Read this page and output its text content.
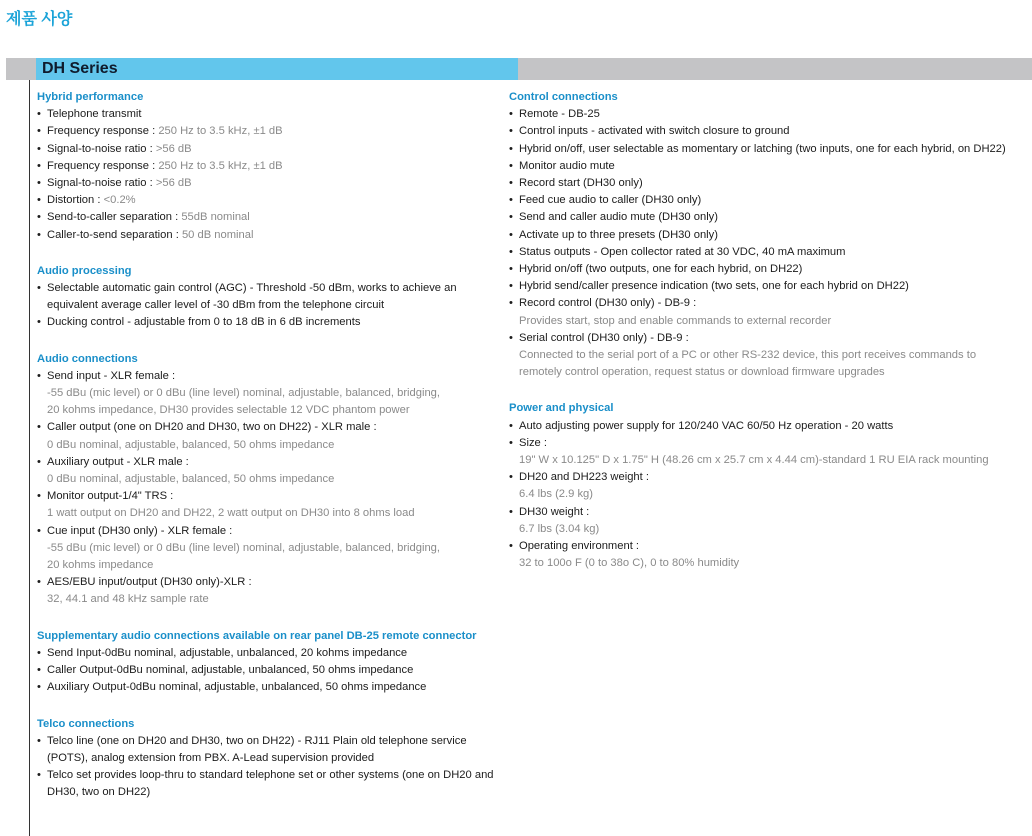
제품 사양
DH Series
Hybrid performance
• Telephone transmit
• Frequency response : 250 Hz to 3.5 kHz, ±1 dB
• Signal-to-noise ratio : >56 dB
• Frequency response : 250 Hz to 3.5 kHz, ±1 dB
• Signal-to-noise ratio : >56 dB
• Distortion : <0.2%
• Send-to-caller separation : 55dB nominal
• Caller-to-send separation : 50 dB nominal
Audio processing
• Selectable automatic gain control (AGC) - Threshold -50 dBm, works to achieve an equivalent average caller level of -30 dBm from the telephone circuit
• Ducking control - adjustable from 0 to 18 dB in 6 dB increments
Audio connections
• Send input - XLR female :
-55 dBu (mic level) or 0 dBu (line level) nominal, adjustable, balanced, bridging,
20 kohms impedance, DH30 provides selectable 12 VDC phantom power
• Caller output (one on DH20 and DH30, two on DH22) - XLR male :
0 dBu nominal, adjustable, balanced, 50 ohms impedance
• Auxiliary output - XLR male :
0 dBu nominal, adjustable, balanced, 50 ohms impedance
• Monitor output-1/4" TRS :
1 watt output on DH20 and DH22, 2 watt output on DH30 into 8 ohms load
• Cue input (DH30 only) - XLR female :
-55 dBu (mic level) or 0 dBu (line level) nominal, adjustable, balanced, bridging,
20 kohms impedance
• AES/EBU input/output (DH30 only)-XLR :
32, 44.1 and 48 kHz sample rate
Supplementary audio connections available on rear panel DB-25 remote connector
• Send Input-0dBu nominal, adjustable, unbalanced, 20 kohms impedance
• Caller Output-0dBu nominal, adjustable, unbalanced, 50 ohms impedance
• Auxiliary Output-0dBu nominal, adjustable, unbalanced, 50 ohms impedance
Telco connections
• Telco line (one on DH20 and DH30, two on DH22) - RJ11 Plain old telephone service (POTS), analog extension from PBX. A-Lead supervision provided
• Telco set provides loop-thru to standard telephone set or other systems (one on DH20 and DH30, two on DH22)
Control connections
• Remote - DB-25
• Control inputs - activated with switch closure to ground
• Hybrid on/off, user selectable as momentary or latching (two inputs, one for each hybrid, on DH22)
• Monitor audio mute
• Record start (DH30 only)
• Feed cue audio to caller (DH30 only)
• Send and caller audio mute (DH30 only)
• Activate up to three presets (DH30 only)
• Status outputs - Open collector rated at 30 VDC, 40 mA maximum
• Hybrid on/off (two outputs, one for each hybrid, on DH22)
• Hybrid send/caller presence indication (two sets, one for each hybrid on DH22)
• Record control (DH30 only) - DB-9 :
Provides start, stop and enable commands to external recorder
• Serial control (DH30 only) - DB-9 :
Connected to the serial port of a PC or other RS-232 device, this port receives commands to
remotely control operation, request status or download firmware upgrades
Power and physical
• Auto adjusting power supply for 120/240 VAC 60/50 Hz operation - 20 watts
• Size :
19" W x 10.125" D x 1.75" H (48.26 cm x 25.7 cm x 4.44 cm)-standard 1 RU EIA rack mounting
• DH20 and DH223 weight :
6.4 lbs (2.9 kg)
• DH30 weight :
6.7 lbs (3.04 kg)
• Operating environment :
32 to 100o F (0 to 38o C), 0 to 80% humidity
